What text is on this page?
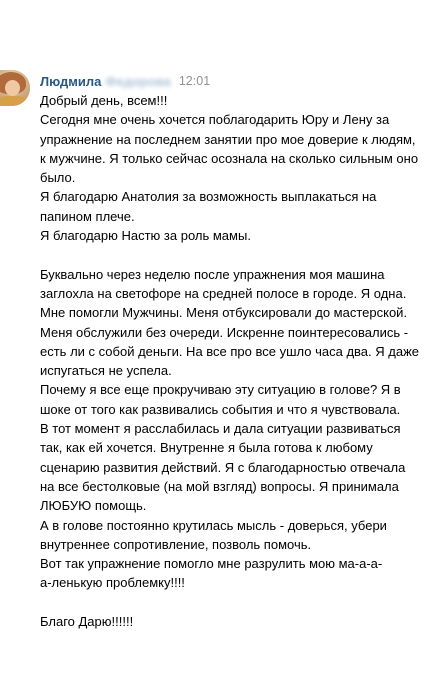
Людмила Федорова 12:01
Добрый день, всем!!!
Сегодня мне очень хочется поблагодарить Юру и Лену за
упражнение на последнем занятии про мое доверие к людям,
к мужчине. Я только сейчас осознала на сколько сильным оно
было.
Я благодарю Анатолия за возможность выплакаться на
папином плече.
Я благодарю Настю за роль мамы.
Буквально через неделю после упражнения моя машина
заглохла на светофоре на средней полосе в городе. Я одна.
Мне помогли Мужчины. Меня отбуксировали до мастерской.
Меня обслужили без очереди. Искренне поинтересовались -
есть ли с собой деньги. На все про все ушло часа два. Я даже
испугаться не успела.
Почему я все еще прокручиваю эту ситуацию в голове? Я в
шоке от того как развивались события и что я чувствовала.
В тот момент я расслабилась и дала ситуации развиваться
так, как ей хочется. Внутренне я была готова к любому
сценарию развития действий. Я с благодарностью отвечала
на все бестолковые (на мой взгляд) вопросы. Я принимала
ЛЮБУЮ помощь.
А в голове постоянно крутилась мысль - доверься, убери
внутреннее сопротивление, позволь помочь.
Вот так упражнение помогло мне разрулить мою ма-а-а-
а-ленькую проблемку!!!!
Благо Дарю!!!!!!
